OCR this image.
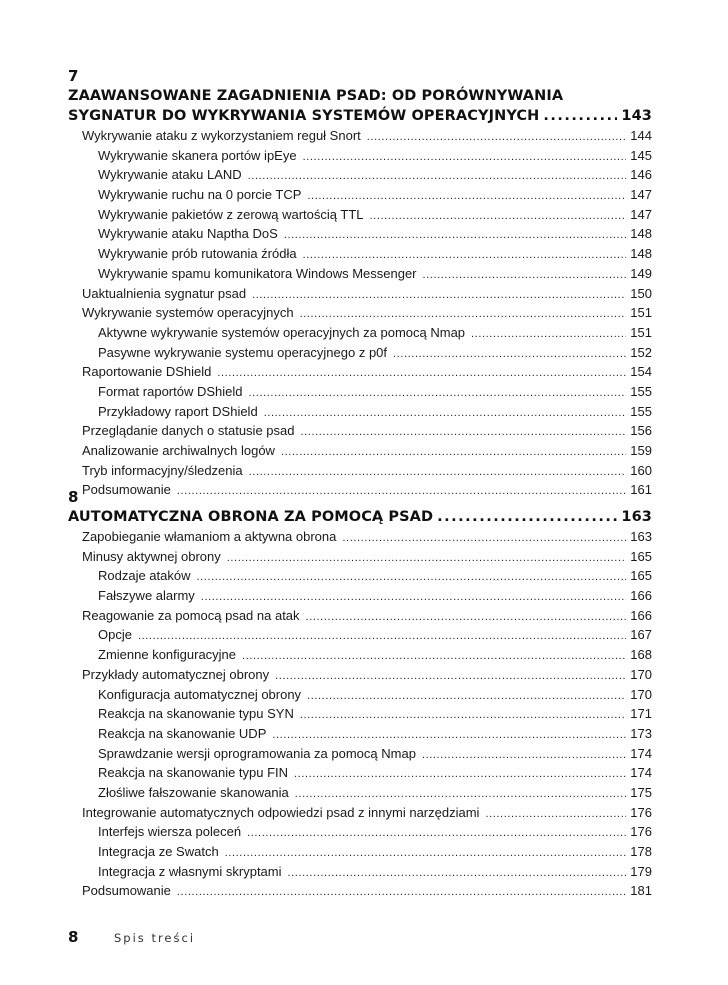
7
ZAAWANSOWANE ZAGADNIENIA PSAD: OD PORÓWNYWANIA
SYGNATUR DO WYKRYWANIA SYSTEMÓW OPERACYJNYCH .....	143
Wykrywanie ataku z wykorzystaniem reguł Snort .....	144
Wykrywanie skanera portów ipEye .....	145
Wykrywanie ataku LAND .....	146
Wykrywanie ruchu na 0 porcie TCP .....	147
Wykrywanie pakietów z zerową wartością TTL .....	147
Wykrywanie ataku Naptha DoS .....	148
Wykrywanie prób rutowania źródła .....	148
Wykrywanie spamu komunikatora Windows Messenger .....	149
Uaktualnienia sygnatur psad .....	150
Wykrywanie systemów operacyjnych .....	151
Aktywne wykrywanie systemów operacyjnych za pomocą Nmap .....	151
Pasywne wykrywanie systemu operacyjnego z p0f .....	152
Raportowanie DShield .....	154
Format raportów DShield .....	155
Przykładowy raport DShield .....	155
Przeglądanie danych o statusie psad .....	156
Analizowanie archiwalnych logów .....	159
Tryb informacyjny/śledzenia .....	160
Podsumowanie .....	161
8
AUTOMATYCZNA OBRONA ZA POMOCĄ PSAD .....	163
Zapobieganie włamaniom a aktywna obrona .....	163
Minusy aktywnej obrony .....	165
Rodzaje ataków .....	165
Fałszywe alarmy .....	166
Reagowanie za pomocą psad na atak .....	166
Opcje .....	167
Zmienne konfiguracyjne .....	168
Przykłady automatycznej obrony .....	170
Konfiguracja automatycznej obrony .....	170
Reakcja na skanowanie typu SYN .....	171
Reakcja na skanowanie UDP .....	173
Sprawdzanie wersji oprogramowania za pomocą Nmap .....	174
Reakcja na skanowanie typu FIN .....	174
Złośliwe fałszowanie skanowania .....	175
Integrowanie automatycznych odpowiedzi psad z innymi narzędziami .....	176
Interfejs wiersza poleceń .....	176
Integracja ze Swatch .....	178
Integracja z własnymi skryptami .....	179
Podsumowanie .....	181
8	Spis treści
